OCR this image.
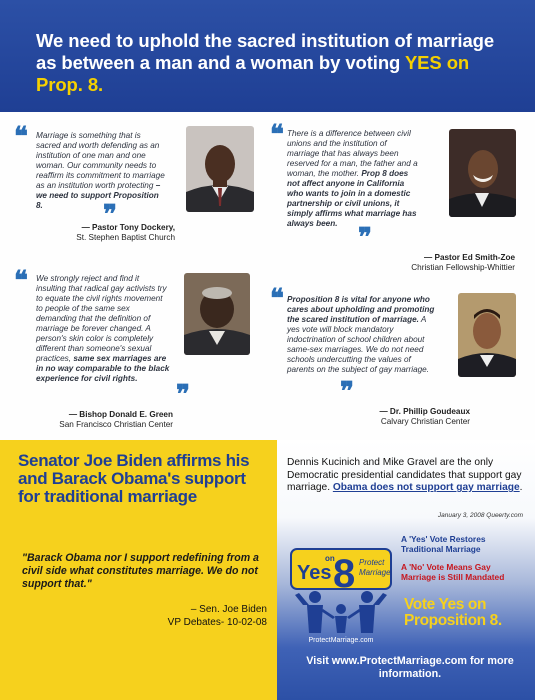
We need to uphold the sacred institution of marriage as between a man and a woman by voting YES on Prop. 8.
❝ Marriage is something that is sacred and worth defending as an institution of one man and one woman. Our community needs to reaffirm its commitment to marriage as an institution worth protecting – we need to support Proposition 8.	❞
— Pastor Tony Dockery,
St. Stephen Baptist Church
❝ There is a difference between civil unions and the institution of marriage that has always been reserved for a man, the father and a woman, the mother. Prop 8 does not affect anyone in California who wants to join in a domestic partnership or civil unions, it simply affirms what marriage has always been. ❞
— Pastor Ed Smith-Zoe
Christian Fellowship-Whittier
❝ We strongly reject and find it insulting that radical gay activists try to equate the civil rights movement to people of the same sex demanding that the definition of marriage be forever changed. A person's skin color is completely different than someone's sexual practices, same sex marriages are in no way comparable to the black experience for civil rights.
❞
— Bishop Donald E. Green
San Francisco Christian Center
❝ Proposition 8 is vital for anyone who cares about upholding and promoting the scared institution of marriage. A yes vote will block mandatory indoctrination of school children about same-sex marriages. We do not need schools undercutting the values of parents on the subject of gay marriage.
❞
— Dr. Phillip Goudeaux
Calvary Christian Center
Senator Joe Biden affirms his and Barack Obama's support for traditional marriage
"Barack Obama nor I support redefining from a civil side what constitutes marriage. We do not support that."
– Sen. Joe Biden
VP Debates- 10-02-08
Dennis Kucinich and Mike Gravel are the only Democratic presidential candidates that support gay marriage. Obama does not support gay marriage.
January 3, 2008 Queerty.com
Yes
on
8 Protect
Marriage
ProtectMarriage.com
A 'Yes' Vote Restores Traditional Marriage
A 'No' Vote Means Gay Marriage is Still Mandated
Vote Yes on Proposition 8.
Visit www.ProtectMarriage.com for more information.
